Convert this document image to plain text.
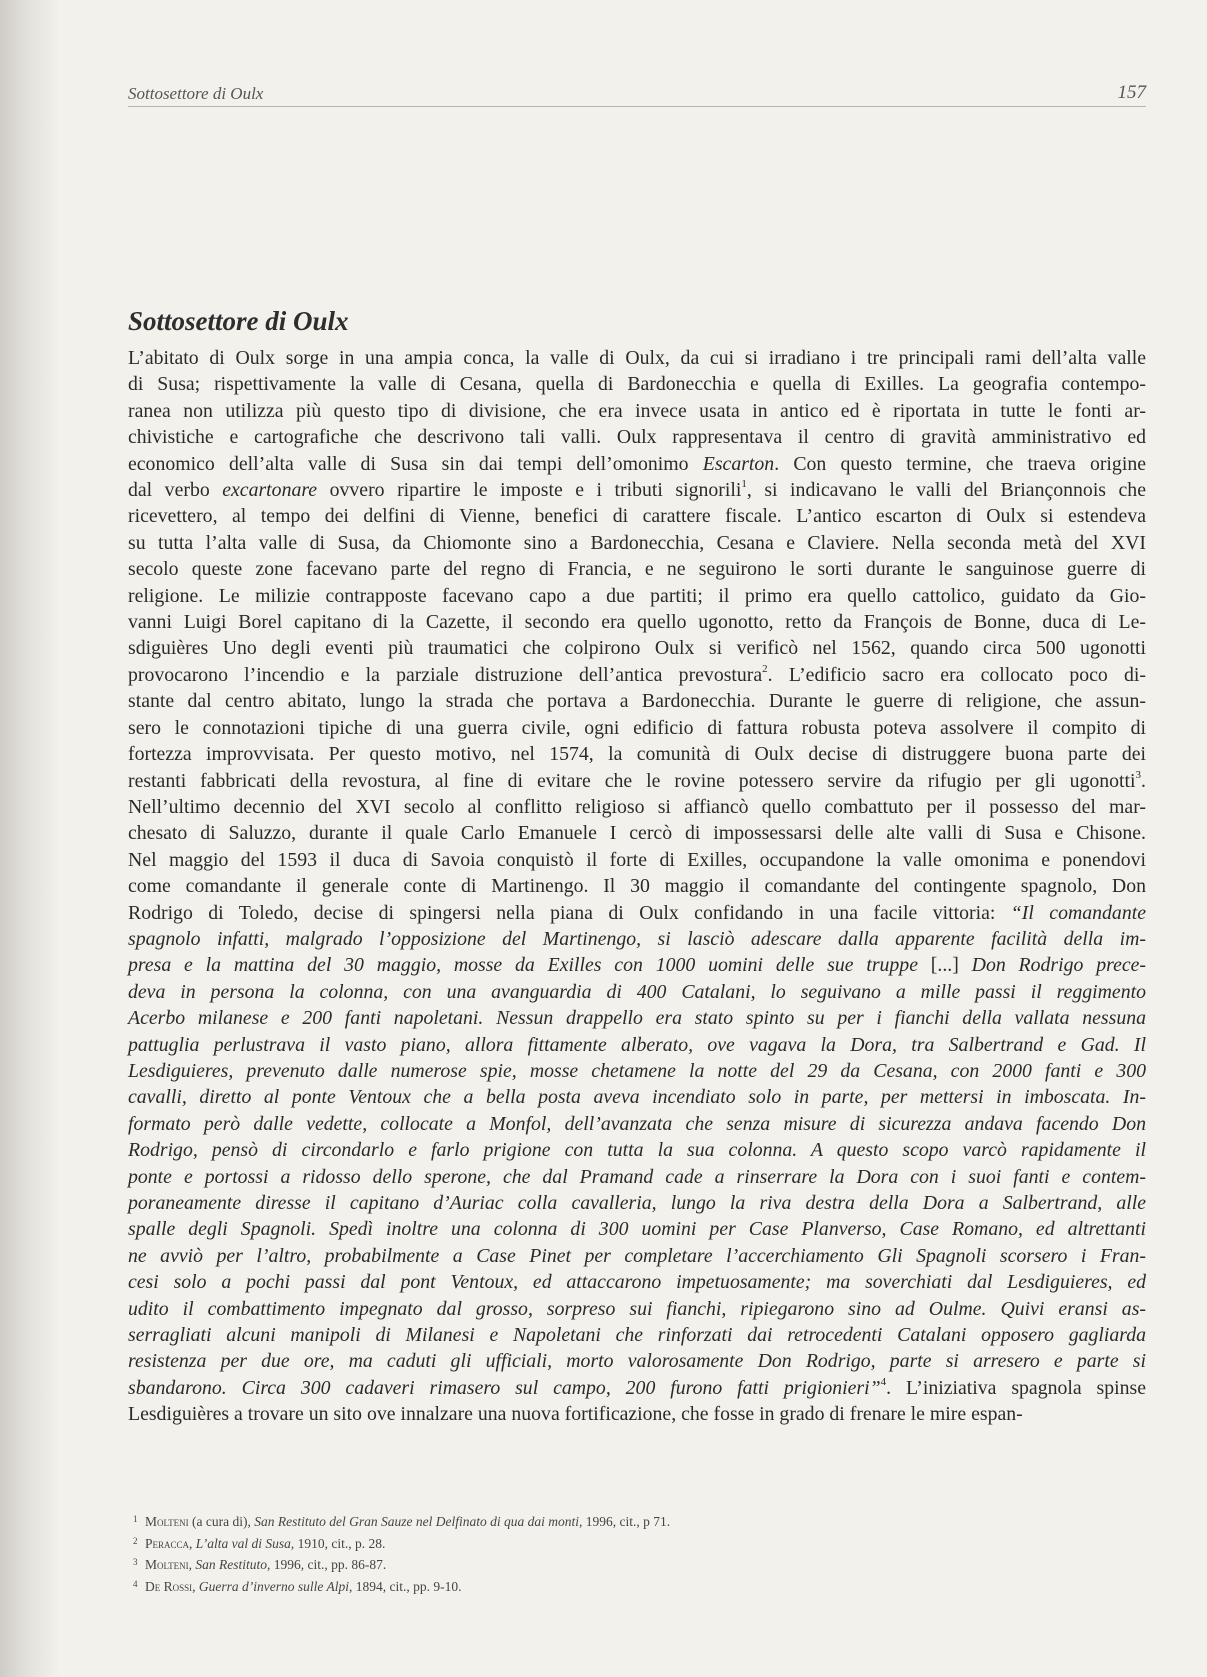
Sottosettore di Oulx	157
Sottosettore di Oulx
L’abitato di Oulx sorge in una ampia conca, la valle di Oulx, da cui si irradiano i tre principali rami dell’alta valle
di Susa; rispettivamente la valle di Cesana, quella di Bardonecchia e quella di Exilles. La geografia contempo-
ranea non utilizza più questo tipo di divisione, che era invece usata in antico ed è riportata in tutte le fonti ar-
chivistiche e cartografiche che descrivono tali valli. Oulx rappresentava il centro di gravità amministrativo ed
economico dell’alta valle di Susa sin dai tempi dell’omonimo Escarton. Con questo termine, che traeva origine
dal verbo excartonare ovvero ripartire le imposte e i tributi signorili$^1$, si indicavano le valli del Briançonnois che
ricevettero, al tempo dei delfini di Vienne, benefici di carattere fiscale. L’antico escarton di Oulx si estendeva
su tutta l’alta valle di Susa, da Chiomonte sino a Bardonecchia, Cesana e Claviere. Nella seconda metà del XVI
secolo queste zone facevano parte del regno di Francia, e ne seguirono le sorti durante le sanguinose guerre di
religione. Le milizie contrapposte facevano capo a due partiti; il primo era quello cattolico, guidato da Gio-
vanni Luigi Borel capitano di la Cazette, il secondo era quello ugonotto, retto da François de Bonne, duca di Le-
sdiguières Uno degli eventi più traumatici che colpirono Oulx si verificò nel 1562, quando circa 500 ugonotti
provocarono l’incendio e la parziale distruzione dell’antica prevostura$^2$. L’edificio sacro era collocato poco di-
stante dal centro abitato, lungo la strada che portava a Bardonecchia. Durante le guerre di religione, che assun-
sero le connotazioni tipiche di una guerra civile, ogni edificio di fattura robusta poteva assolvere il compito di
fortezza improvvisata. Per questo motivo, nel 1574, la comunità di Oulx decise di distruggere buona parte dei
restanti fabbricati della revostura, al fine di evitare che le rovine potessero servire da rifugio per gli ugonotti$^3$.
Nell’ultimo decennio del XVI secolo al conflitto religioso si affiancò quello combattuto per il possesso del mar-
chesato di Saluzzo, durante il quale Carlo Emanuele I cercò di impossessarsi delle alte valli di Susa e Chisone.
Nel maggio del 1593 il duca di Savoia conquistò il forte di Exilles, occupandone la valle omonima e ponendovi
come comandante il generale conte di Martinengo. Il 30 maggio il comandante del contingente spagnolo, Don
Rodrigo di Toledo, decise di spingersi nella piana di Oulx confidando in una facile vittoria: “Il comandante
spagnolo infatti, malgrado l’opposizione del Martinengo, si lasciò adescare dalla apparente facilità della im-
presa e la mattina del 30 maggio, mosse da Exilles con 1000 uomini delle sue truppe [...] Don Rodrigo prece-
deva in persona la colonna, con una avanguardia di 400 Catalani, lo seguivano a mille passi il reggimento
Acerbo milanese e 200 fanti napoletani. Nessun drappello era stato spinto su per i fianchi della vallata nessuna
pattuglia perlustrava il vasto piano, allora fittamente alberato, ove vagava la Dora, tra Salbertrand e Gad. Il
Lesdiguieres, prevenuto dalle numerose spie, mosse chetamene la notte del 29 da Cesana, con 2000 fanti e 300
cavalli, diretto al ponte Ventoux che a bella posta aveva incendiato solo in parte, per mettersi in imboscata. In-
formato però dalle vedette, collocate a Monfol, dell’avanzata che senza misure di sicurezza andava facendo Don
Rodrigo, pensò di circondarlo e farlo prigione con tutta la sua colonna. A questo scopo varcò rapidamente il
ponte e portossi a ridosso dello sperone, che dal Pramand cade a rinserrare la Dora con i suoi fanti e contem-
poraneamente diresse il capitano d’Auriac colla cavalleria, lungo la riva destra della Dora a Salbertrand, alle
spalle degli Spagnoli. Spedì inoltre una colonna di 300 uomini per Case Planverso, Case Romano, ed altrettanti
ne avviò per l’altro, probabilmente a Case Pinet per completare l’accerchiamento Gli Spagnoli scorsero i Fran-
cesi solo a pochi passi dal pont Ventoux, ed attaccarono impetuosamente; ma soverchiati dal Lesdiguieres, ed
udito il combattimento impegnato dal grosso, sorpreso sui fianchi, ripiegarono sino ad Oulme. Quivi eransi as-
serragliati alcuni manipoli di Milanesi e Napoletani che rinforzati dai retrocedenti Catalani opposero gagliarda
resistenza per due ore, ma caduti gli ufficiali, morto valorosamente Don Rodrigo, parte si arresero e parte si
sbandarono. Circa 300 cadaveri rimasero sul campo, 200 furono fatti prigionieri”$^4$. L’iniziativa spagnola spinse
Lesdiguières a trovare un sito ove innalzare una nuova fortificazione, che fosse in grado di frenare le mire espan-
1 Molteni (a cura di), San Restituto del Gran Sauze nel Delfinato di qua dai monti, 1996, cit., p 71.
2 Peracca, L’alta val di Susa, 1910, cit., p. 28.
3 Molteni, San Restituto, 1996, cit., pp. 86-87.
4 De Rossi, Guerra d’inverno sulle Alpi, 1894, cit., pp. 9-10.
